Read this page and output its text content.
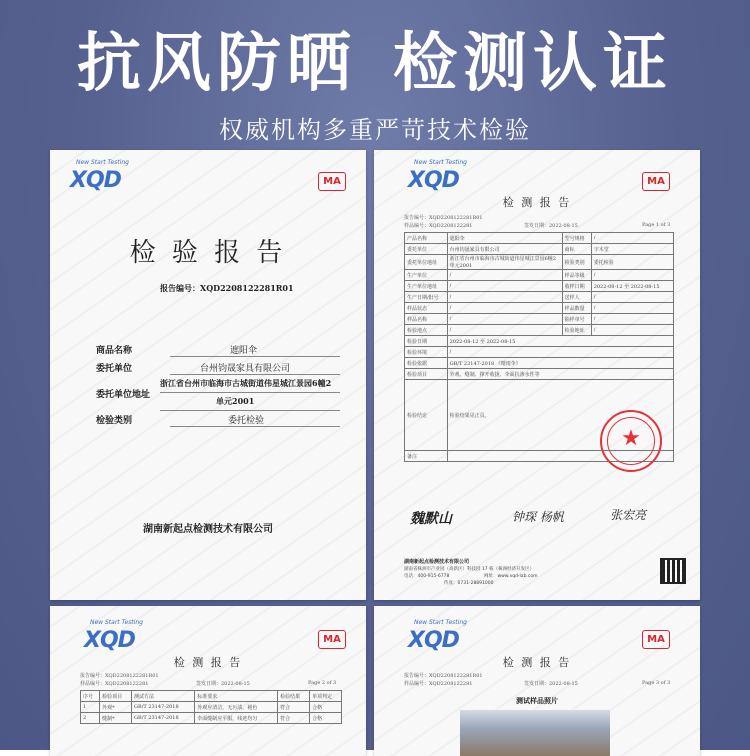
抗风防晒 检测认证
权威机构多重严苛技术检验
New Start Testing
XQD	MA
检 验 报 告
报告编号：XQD2208122281R01
商品名称	遮阳伞
委托单位	台州钧晟家具有限公司
委托单位地址
浙江省台州市临海市古城街道伟星城江景园6幢2
单元2001
检验类别	委托检验
湖南新起点检测技术有限公司
New Start Testing
XQD	MA
检 测 报 告
报告编号：XQD2208122281R01
样品编号：XQD2208122281	签发日期：2022-08-15	Page 1 of 3
产品名称	遮阳伞	型号规格	/
委托单位	台州钧晟家具有限公司	商标	宇木堂
委托单位地址	浙江省台州市临海市古城街道伟星城江景园6幢2单元2001	检验类别	委托检验
生产单位	/	样品等级	/
生产单位地址	/	收样日期	2022-08-12 至 2022-08-15
生产日期/批号	/	送样人	/
样品状态	/	样品数量	/
样品名称	/	抽样单号	/
检验地点	/	检验地址	/
检验日期	2022-08-12 至 2022-08-15		
检验环境	/		
检验依据	GB/T 23147-2018 《晴雨伞》		
检验项目	外观、缝制、撑开收拢、伞面抗渗水性等		
检验结论	检验结果见正页。		
备注			
★
魏默山	钟琛 杨帆	张宏亮
湖南新起点检测技术有限公司
湖南省株洲市产业园（高新区）科技园 17 栋（株洲经济开发区）
电话：400-915-6778	网址：www.xqd-lab.com
传真：0731-28891000
New Start Testing
XQD	MA
检 测 报 告
报告编号：XQD2208122281R01
样品编号：XQD2208122281	签发日期：2022-08-15	Page 2 of 3
序号	检验项目	测试方法	标准要求	检验结果	单项判定
1	外观*	GB/T 23147-2018	外观应清洁，无污渍、褪色	符合	合格
2	缝制*	GB/T 23147-2018	伞面缝制应平服，线迹均匀	符合	合格
New Start Testing
XQD	MA
检 测 报 告
报告编号：XQD2208122281R01
样品编号：XQD2208122281	签发日期：2022-08-15	Page 3 of 3
测试样品照片
